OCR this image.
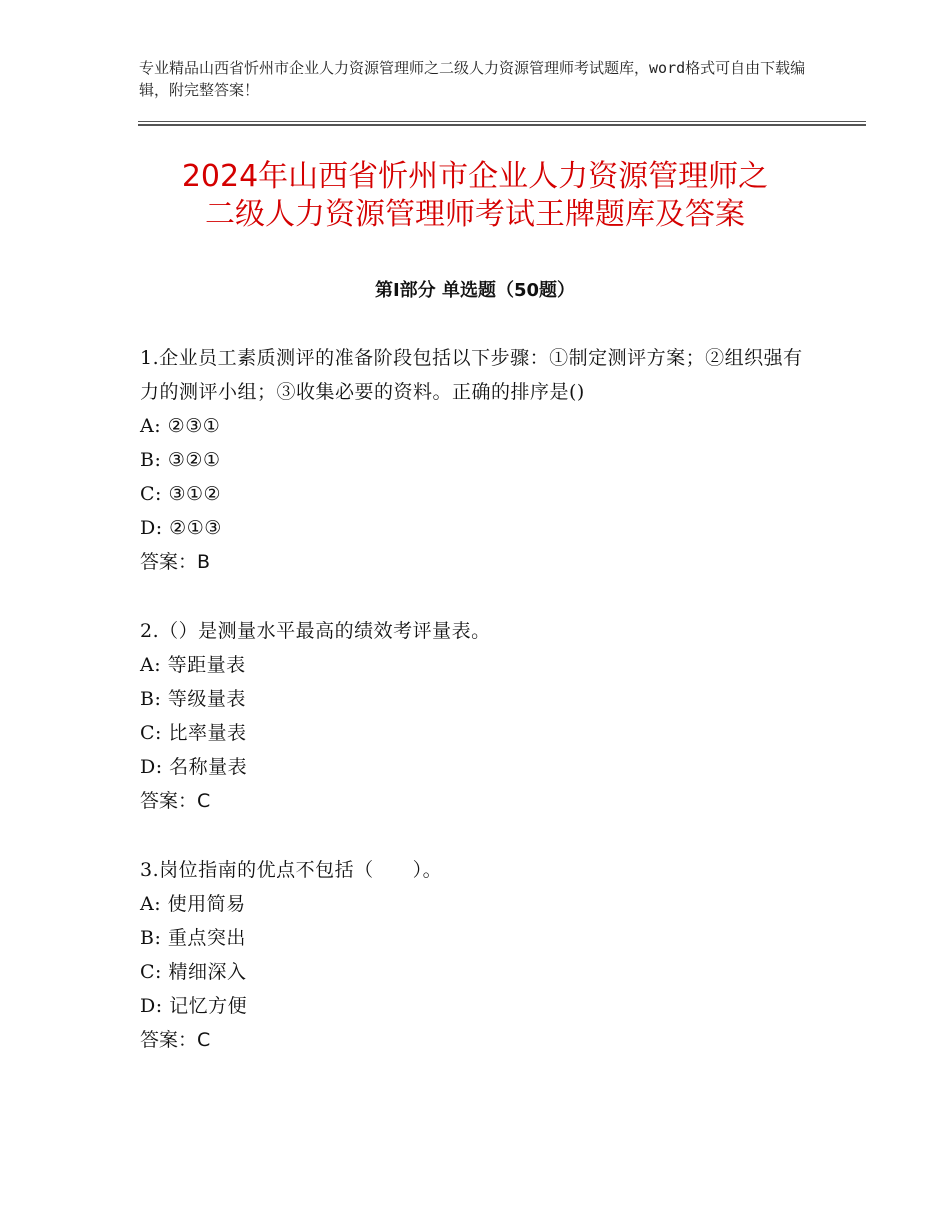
专业精品山西省忻州市企业人力资源管理师之二级人力资源管理师考试题库，word格式可自由下载编辑，附完整答案！
2024年山西省忻州市企业人力资源管理师之
二级人力资源管理师考试王牌题库及答案
第Ⅰ部分 单选题（50题）
1.企业员工素质测评的准备阶段包括以下步骤：①制定测评方案；②组织强有力的测评小组；③收集必要的资料。正确的排序是()
A: ②③①
B: ③②①
C: ③①②
D: ②①③
答案：B
2.（）是测量水平最高的绩效考评量表。
A: 等距量表
B: 等级量表
C: 比率量表
D: 名称量表
答案：C
3.岗位指南的优点不包括（　　）。
A: 使用简易
B: 重点突出
C: 精细深入
D: 记忆方便
答案：C
